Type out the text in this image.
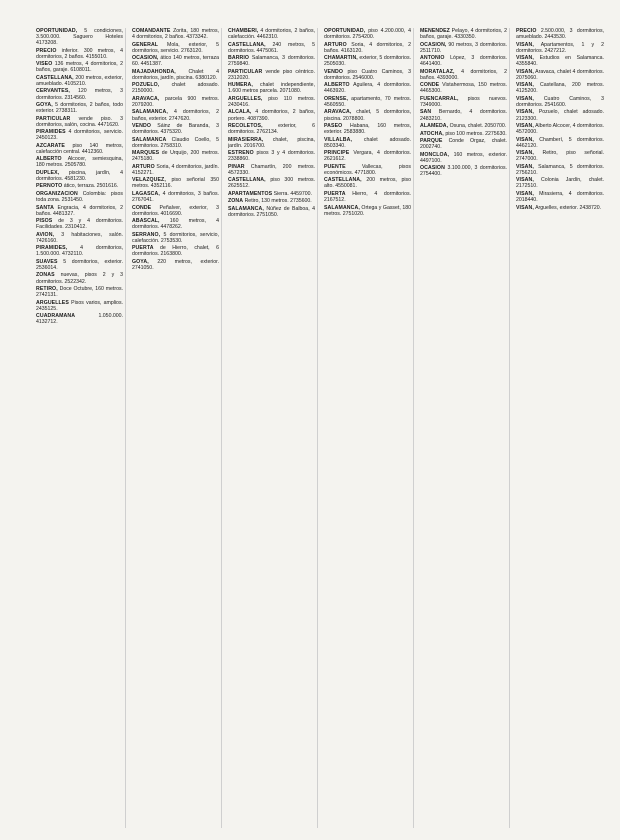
OPORTUNIDAD, 5 condiciones, 3.500.000. Saguero Hoteles 4173208.

PRECIO inferior. 300 metros, 4 dormitorios, 2 baños. 4155010.

VISEO 136 metros, 4 dormitorios, 2 baños, garaje. 6108011.

CASTELLANA, 200 metros, exterior, amueblado. 4105210.

CERVANTES, 120 metros, 3 dormitorios. 2314560.

GOYA, 5 dormitorios, 2 baños, todo exterior. 2738311.

PARTICULAR vende piso. 3 dormitorios, salón, cocina. 4471620.

PIRAMIDES 4 dormitorios, servicio. 2450123.

AZCARATE piso 140 metros, calefacción central. 4412360.

ALBERTO Alcocer, semiesquina, 180 metros. 2505780.

DUPLEX, piscina, jardín, 4 dormitorios. 4581230.

PERNOTO ático, terraza. 2501616.

ORGANIZACION Colombia: pisos toda zona. 2531450.

SANTA Engracia, 4 dormitorios, 2 baños. 4481327.

PISOS de 3 y 4 dormitorios. Facilidades. 2310412.

AVION, 3 habitaciones, salón. 7426160.

PIRAMIDES, 4 dormitorios, 1.500.000. 4732110.

SUAVES 5 dormitorios, exterior. 2536014.

ZONAS nuevas, pisos 2 y 3 dormitorios. 2522342.

RETIRO, Doce Octubre, 160 metros. 2742131.

ARGUELLES Pisos varios, amplios. 2435125.

CUADRAMANA	1.050.000. 4132712.

COMANDANTE Zorita, 180 metros, 4 dormitorios, 2 baños. 4373342.

GENERAL Mola, exterior, 5 dormitorios, servicio. 2763120.

OCASION, ático 140 metros, terraza 60. 4451387.

MAJADAHONDA, Chalet 4 dormitorios, jardín, piscina. 6380120.

POZUELO, chalet adosado. 2150000.

ARAVACA, parcela 900 metros. 2079200.

SALAMANCA, 4 dormitorios, 2 baños, exterior. 2747620.

VENDO Sáinz de Baranda, 3 dormitorios. 4375320.

SALAMANCA Claudio Coello, 5 dormitorios. 2758310.

MARQUES de Urquijo, 200 metros. 2475180.

ARTURO Soria, 4 dormitorios, jardín. 4152271.

VELAZQUEZ, piso señorial 350 metros. 4352116.

LAGASCA, 4 dormitorios, 3 baños. 2767041.

CONDE Peñalver, exterior, 3 dormitorios. 4016690.

ABASCAL, 160 metros, 4 dormitorios. 4478262.

SERRANO, 5 dormitorios, servicio, calefacción. 2753530.

PUERTA de Hierro, chalet, 6 dormitorios. 2163800.

GOYA, 220 metros, exterior. 2741050.

CHAMBERI, 4 dormitorios, 2 baños, calefacción. 4462310.

CASTELLANA, 240 metros, 5 dormitorios. 4475061.

BARRIO Salamanca, 3 dormitorios. 2759840.

PARTICULAR vende piso céntrico. 2312020.

HUMERA, chalet independiente, 1.600 metros parcela. 2071080.

ARGUELLES, piso 110 metros. 2430416.

ALCALA, 4 dormitorios, 2 baños, portero. 4087390.

RECOLETOS,	exterior, 6 dormitorios. 2762134.

MIRASIERRA, chalet, piscina, jardín. 2016700.

ESTRENO pisos 3 y 4 dormitorios. 2338860.

PINAR Chamartín, 200 metros. 4572330.

CASTELLANA, piso 300 metros. 2625512.

APARTAMENTOS Sierra. 4459700.

ZONA Retiro, 130 metros. 2735600.

SALAMANCA, Núñez de Balboa, 4 dormitorios. 2751050.

OPORTUNIDAD, piso 4.200.000, 4 dormitorios. 2754200.

ARTURO Soria, 4 dormitorios, 2 baños. 4163120.

CHAMARTIN, exterior, 5 dormitorios. 2505030.

VENDO piso Cuatro Caminos, 3 dormitorios. 2546000.

ALBERTO Aguilera, 4 dormitorios. 4463920.

ORENSE, apartamento, 70 metros. 4560550.

ARAVACA, chalet, 5 dormitorios, piscina. 2078800.

PASEO Habana, 160 metros, exterior. 2583880.

VILLALBA, chalet adosado. 8503340.

PRINCIPE Vergara, 4 dormitorios. 2621612.

PUENTE	Vallecas, pisos económicos. 4771800.

CASTELLANA, 200 metros, piso alto. 4550081.

PUERTA Hierro, 4 dormitorios. 2167512.

SALAMANCA, Ortega y Gasset, 180 metros. 2751020.

MENENDEZ Pelayo, 4 dormitorios, 2 baños, garaje. 4330350.

OCASION, 90 metros, 3 dormitorios. 2511710.

ANTONIO López, 3 dormitorios. 4641400.

MORATALAZ, 4 dormitorios, 2 baños. 4393000.

CONDE Vistahermosa, 150 metros. 4465300.

FUENCARRAL, pisos nuevos. 7349000.

SAN Bernardo, 4 dormitorios. 2483210.

ALAMEDA, Osuna, chalet. 2050700.

ATOCHA, piso 100 metros. 2275630.

PARQUE Conde Orgaz, chalet. 2002740.

MONCLOA, 160 metros, exterior. 4497100.

OCASION 3.100.000, 3 dormitorios. 2754400.

PRECIO 2.500.000, 3 dormitorios, amueblado. 2443530.

VISAN, Apartamentos, 1 y 2 dormitorios. 2427212.

VISAN, Estudios en Salamanca. 4355840.

VISAN, Aravaca, chalet 4 dormitorios. 2075060.

VISAN, Castellana, 200 metros. 4125200.

VISAN, Cuatro Caminos, 3 dormitorios. 2541600.

VISAN, Pozuelo, chalet adosado. 2123300.

VISAN, Alberto Alcocer, 4 dormitorios. 4572000.

VISAN, Chamberí, 5 dormitorios. 4462120.

VISAN, Retiro, piso señorial. 2747000.

VISAN, Salamanca, 5 dormitorios. 2756210.

VISAN, Colonia Jardín, chalet. 2172510.

VISAN, Mirasierra, 4 dormitorios. 2018440.

VISAN, Arguelles, exterior. 2438720.
